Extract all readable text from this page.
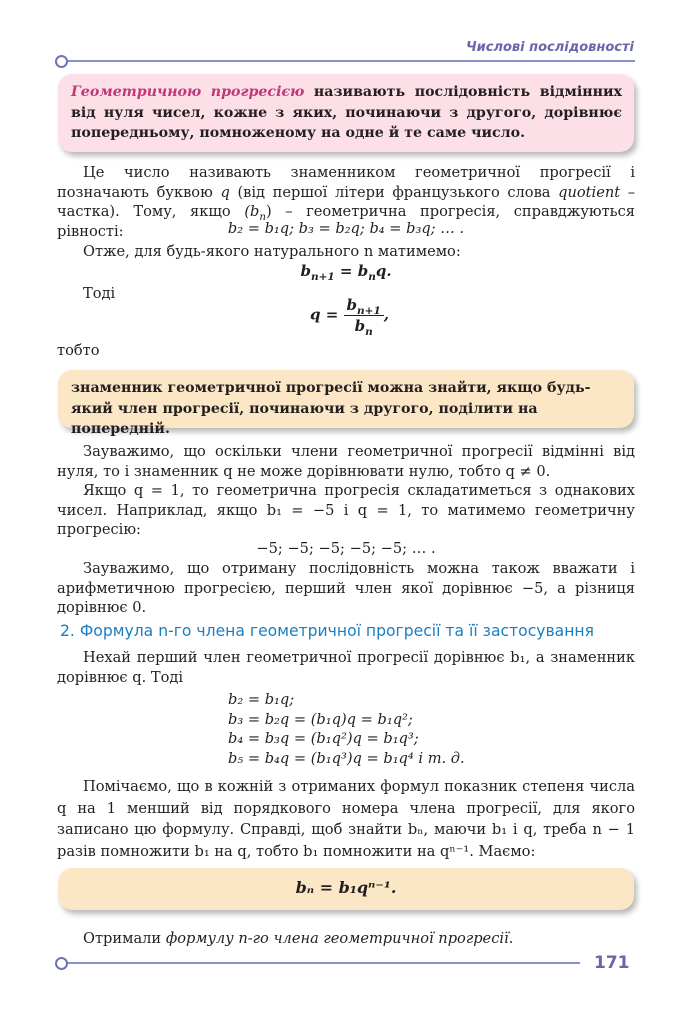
Числові послідовності

Геометричною прогресією називають послідовність відмінних від нуля чисел, кожне з яких, починаючи з другого, дорівнює попередньому, помноженому на одне й те саме число.

Це число називають знаменником геометричної прогресії і позначають буквою q (від першої літери французького слова quotient – частка). Тому, якщо $(b_n)$ – геометрична прогресія, справджуються рівності:	b₂ = b₁q; b₃ = b₂q; b₄ = b₃q; … .
Отже, для будь-якого натурального n матимемо:
$b_{n+1} = b_nq$.
Тоді
$q = \frac{b_{n+1}}{b_n}$ ,
тобто

знаменник геометричної прогресії можна знайти, якщо будь-який член прогресії, починаючи з другого, поділити на попередній.

Зауважимо, що оскільки члени геометричної прогресії відмінні від нуля, то і знаменник q не може дорівнювати нулю, тобто q ≠ 0.
Якщо q = 1, то геометрична прогресія складатиметься з однакових чисел. Наприклад, якщо b₁ = −5 і q = 1, то матимемо геометричну прогресію:
−5; −5; −5; −5; −5; … .
Зауважимо, що отриману послідовність можна також вважати і арифметичною прогресією, перший член якої дорівнює −5, а різниця дорівнює 0.
2. Формула n-го члена геометричної прогресії та її застосування
Нехай перший член геометричної прогресії дорівнює b₁, а знаменник дорівнює q. Тоді
b₂ = b₁q;
b₃ = b₂q = (b₁q)q = b₁q²;
b₄ = b₃q = (b₁q²)q = b₁q³;
b₅ = b₄q = (b₁q³)q = b₁q⁴ і т. д.
Помічаємо, що в кожній з отриманих формул показник степеня числа q на 1 менший від порядкового номера члена прогресії, для якого записано цю формулу. Справді, щоб знайти bₙ, маючи b₁ і q, треба n − 1 разів помножити b₁ на q, тобто b₁ помножити на qⁿ⁻¹. Маємо:
bₙ = b₁qⁿ⁻¹.
Отримали формулу n-го члена геометричної прогресії.
171
